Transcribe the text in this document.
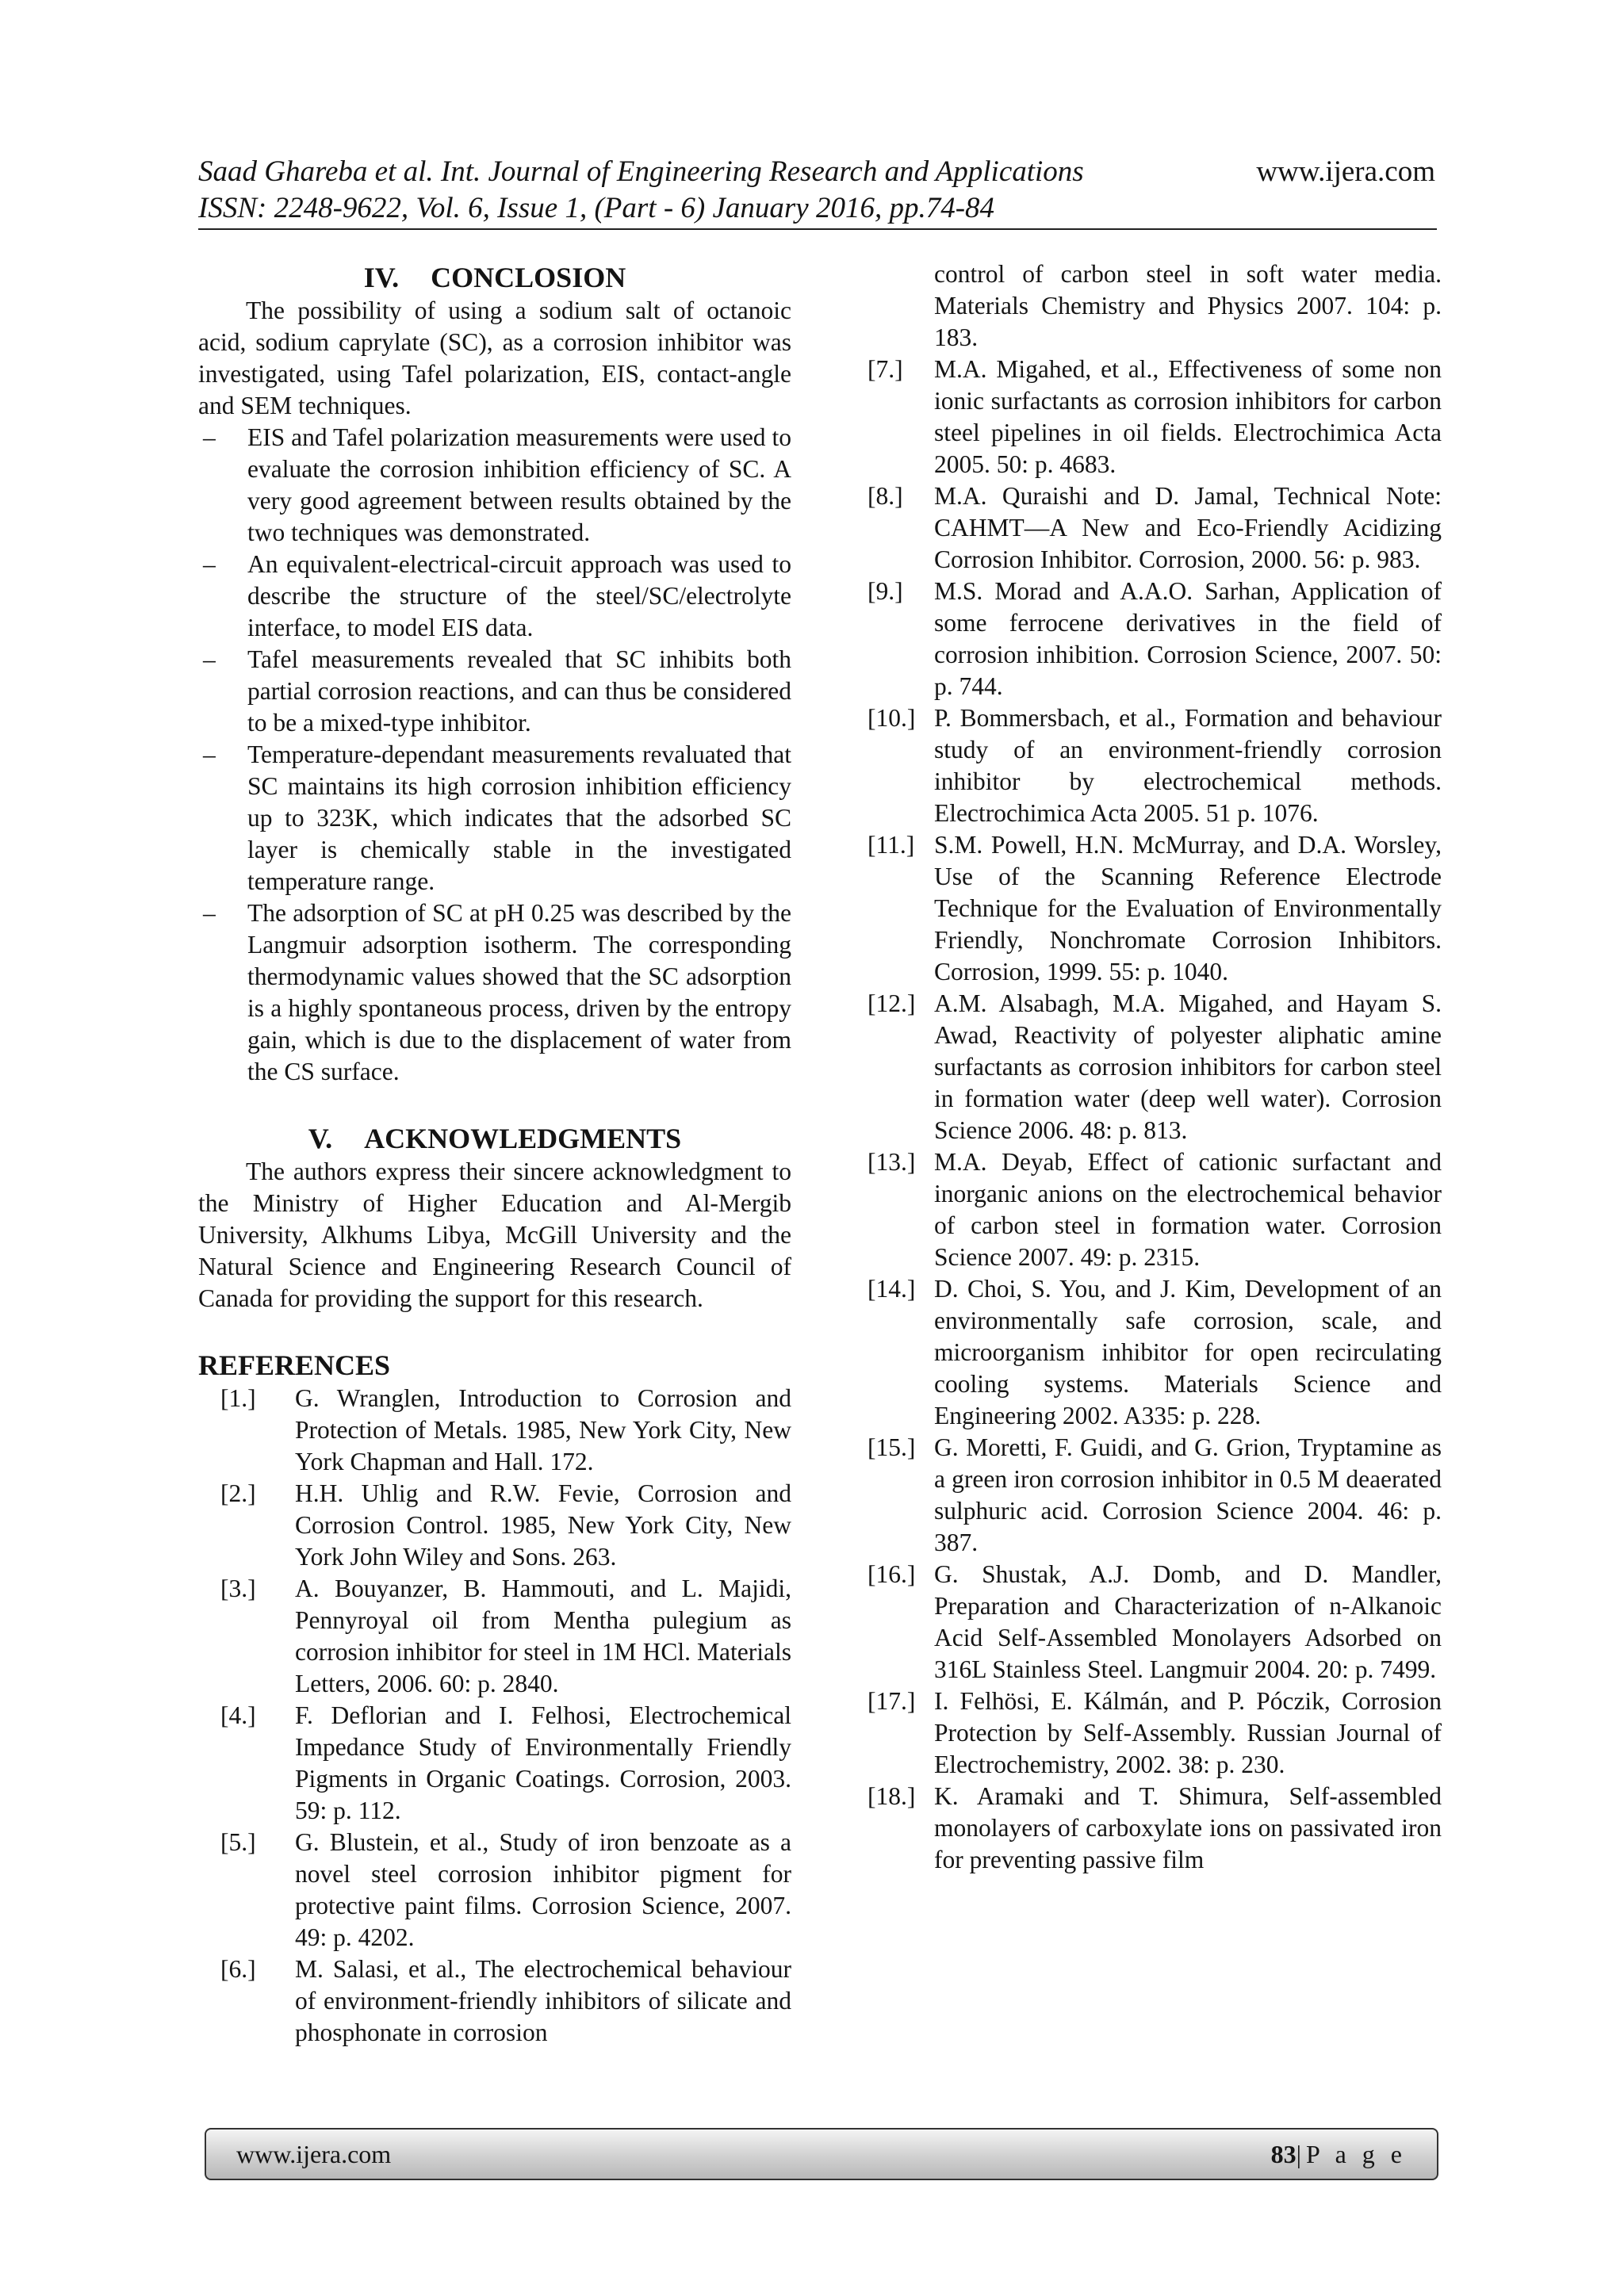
Saad Ghareba et al. Int. Journal of Engineering Research and Applications	www.ijera.com
ISSN: 2248-9622, Vol. 6, Issue 1, (Part - 6) January 2016, pp.74-84
IV. CONCLOSION

The possibility of using a sodium salt of octanoic acid, sodium caprylate (SC), as a corrosion inhibitor was investigated, using Tafel polarization, EIS, contact-angle and SEM techniques.

– EIS and Tafel polarization measurements were used to evaluate the corrosion inhibition efficiency of SC. A very good agreement between results obtained by the two techniques was demonstrated.
– An equivalent-electrical-circuit approach was used to describe the structure of the steel/SC/electrolyte interface, to model EIS data.
– Tafel measurements revealed that SC inhibits both partial corrosion reactions, and can thus be considered to be a mixed-type inhibitor.
– Temperature-dependant measurements revaluated that SC maintains its high corrosion inhibition efficiency up to 323K, which indicates that the adsorbed SC layer is chemically stable in the investigated temperature range.
– The adsorption of SC at pH 0.25 was described by the Langmuir adsorption isotherm. The corresponding thermodynamic values showed that the SC adsorption is a highly spontaneous process, driven by the entropy gain, which is due to the displacement of water from the CS surface.
V. ACKNOWLEDGMENTS

The authors express their sincere acknowledgment to the Ministry of Higher Education and Al-Mergib University, Alkhums Libya, McGill University and the Natural Science and Engineering Research Council of Canada for providing the support for this research.

REFERENCES
[1.]	G. Wranglen, Introduction to Corrosion and Protection of Metals. 1985, New York City, New York Chapman and Hall. 172.
[2.]	H.H. Uhlig and R.W. Fevie, Corrosion and Corrosion Control. 1985, New York City, New York John Wiley and Sons. 263.
[3.]	A. Bouyanzer, B. Hammouti, and L. Majidi, Pennyroyal oil from Mentha pulegium as corrosion inhibitor for steel in 1M HCl. Materials Letters, 2006. 60: p. 2840.
[4.]	F. Deflorian and I. Felhosi, Electrochemical Impedance Study of Environmentally Friendly Pigments in Organic Coatings. Corrosion, 2003. 59: p. 112.
[5.]	G. Blustein, et al., Study of iron benzoate as a novel steel corrosion inhibitor pigment for protective paint films. Corrosion Science, 2007. 49: p. 4202.
[6.]	M. Salasi, et al., The electrochemical behaviour of environment-friendly inhibitors of silicate and phosphonate in corrosion

control of carbon steel in soft water media. Materials Chemistry and Physics 2007. 104: p. 183.

[7.]	M.A. Migahed, et al., Effectiveness of some non ionic surfactants as corrosion inhibitors for carbon steel pipelines in oil fields. Electrochimica Acta 2005. 50: p. 4683.
[8.]	M.A. Quraishi and D. Jamal, Technical Note: CAHMT—A New and Eco-Friendly Acidizing Corrosion Inhibitor. Corrosion, 2000. 56: p. 983.
[9.]	M.S. Morad and A.A.O. Sarhan, Application of some ferrocene derivatives in the field of corrosion inhibition. Corrosion Science, 2007. 50: p. 744.
[10.] P. Bommersbach, et al., Formation and behaviour study of an environment-friendly corrosion inhibitor by electrochemical methods. Electrochimica Acta 2005. 51 p. 1076.
[11.] S.M. Powell, H.N. McMurray, and D.A. Worsley, Use of the Scanning Reference Electrode Technique for the Evaluation of Environmentally Friendly, Nonchromate Corrosion Inhibitors. Corrosion, 1999. 55: p. 1040.
[12.] A.M. Alsabagh, M.A. Migahed, and Hayam S. Awad, Reactivity of polyester aliphatic amine surfactants as corrosion inhibitors for carbon steel in formation water (deep well water). Corrosion Science 2006. 48: p. 813.
[13.] M.A. Deyab, Effect of cationic surfactant and inorganic anions on the electrochemical behavior of carbon steel in formation water. Corrosion Science 2007. 49: p. 2315.
[14.] D. Choi, S. You, and J. Kim, Development of an environmentally safe corrosion, scale, and microorganism inhibitor for open recirculating cooling systems. Materials Science and Engineering 2002. A335: p. 228.
[15.] G. Moretti, F. Guidi, and G. Grion, Tryptamine as a green iron corrosion inhibitor in 0.5 M deaerated sulphuric acid. Corrosion Science 2004. 46: p. 387.
[16.] G. Shustak, A.J. Domb, and D. Mandler, Preparation and Characterization of n-Alkanoic Acid Self-Assembled Monolayers Adsorbed on 316L Stainless Steel. Langmuir 2004. 20: p. 7499.
[17.] I. Felhösi, E. Kálmán, and P. Póczik, Corrosion Protection by Self-Assembly. Russian Journal of Electrochemistry, 2002. 38: p. 230.
[18.] K. Aramaki and T. Shimura, Self-assembled monolayers of carboxylate ions on passivated iron for preventing passive film
www.ijera.com	83|P a g e
